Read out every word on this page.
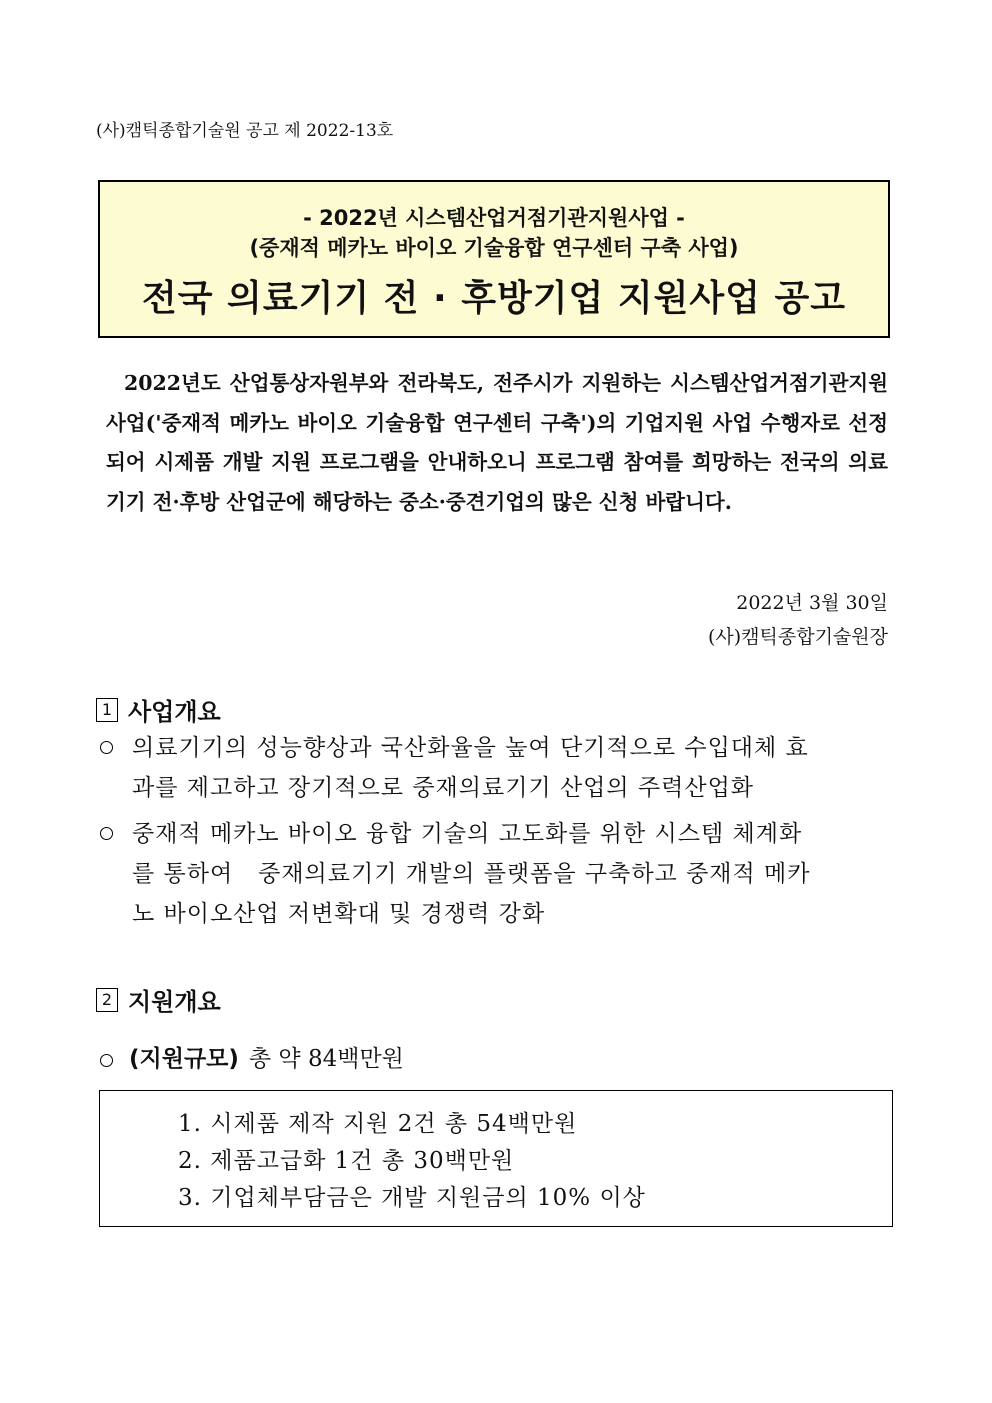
(사)캠틱종합기술원 공고 제 2022-13호
- 2022년 시스템산업거점기관지원사업 -
(중재적 메카노 바이오 기술융합 연구센터 구축 사업)
전국 의료기기 전 · 후방기업 지원사업 공고

2022년도 산업통상자원부와 전라북도, 전주시가 지원하는 시스템산업거점기관지원사업('중재적 메카노 바이오 기술융합 연구센터 구축')의 기업지원 사업 수행자로 선정되어 시제품 개발 지원 프로그램을 안내하오니 프로그램 참여를 희망하는 전국의 의료기기 전·후방 산업군에 해당하는 중소·중견기업의 많은 신청 바랍니다.

2022년 3월 30일
(사)캠틱종합기술원장
1 사업개요
의료기기의 성능향상과 국산화율을 높여 단기적으로 수입대체 효
과를 제고하고 장기적으로 중재의료기기 산업의 주력산업화
중재적 메카노 바이오 융합 기술의 고도화를 위한 시스템 체계화
를 통하여   중재의료기기 개발의 플랫폼을 구축하고 중재적 메카
노 바이오산업 저변확대 및 경쟁력 강화
2 지원개요
(지원규모) 총 약 84백만원
1. 시제품 제작 지원 2건 총 54백만원
2. 제품고급화 1건 총 30백만원
3. 기업체부담금은 개발 지원금의 10% 이상
